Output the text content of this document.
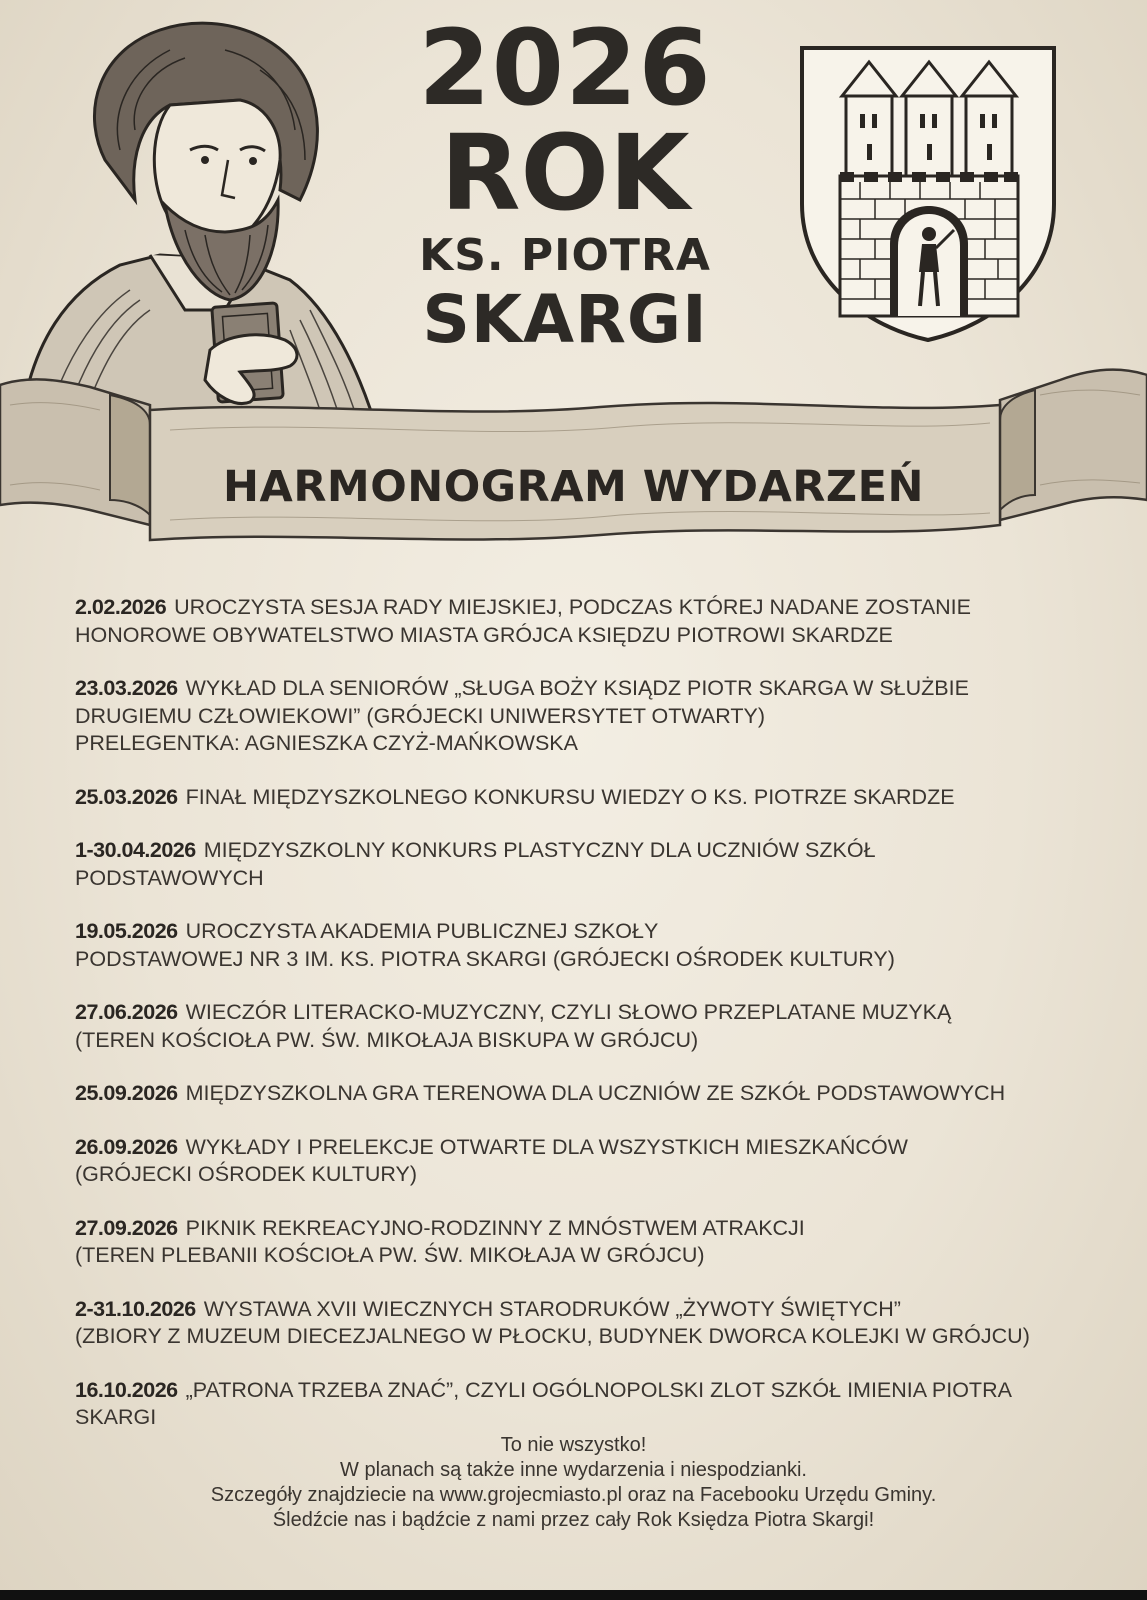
2026
ROK
KS. PIOTRA
SKARGI
HARMONOGRAM WYDARZEŃ
2.02.2026 UROCZYSTA SESJA RADY MIEJSKIEJ, PODCZAS KTÓREJ NADANE ZOSTANIE
HONOROWE OBYWATELSTWO MIASTA GRÓJCA KSIĘDZU PIOTROWI SKARDZE
23.03.2026 WYKŁAD DLA SENIORÓW „SŁUGA BOŻY KSIĄDZ PIOTR SKARGA W SŁUŻBIE
DRUGIEMU CZŁOWIEKOWI” (GRÓJECKI UNIWERSYTET OTWARTY)
PRELEGENTKA: AGNIESZKA CZYŻ-MAŃKOWSKA
25.03.2026 FINAŁ MIĘDZYSZKOLNEGO KONKURSU WIEDZY O KS. PIOTRZE SKARDZE
1-30.04.2026 MIĘDZYSZKOLNY KONKURS PLASTYCZNY DLA UCZNIÓW SZKÓŁ
PODSTAWOWYCH
19.05.2026 UROCZYSTA AKADEMIA PUBLICZNEJ SZKOŁY
PODSTAWOWEJ NR 3 IM. KS. PIOTRA SKARGI (GRÓJECKI OŚRODEK KULTURY)
27.06.2026 WIECZÓR LITERACKO-MUZYCZNY, CZYLI SŁOWO PRZEPLATANE MUZYKĄ
(TEREN KOŚCIOŁA PW. ŚW. MIKOŁAJA BISKUPA W GRÓJCU)
25.09.2026 MIĘDZYSZKOLNA GRA TERENOWA DLA UCZNIÓW ZE SZKÓŁ PODSTAWOWYCH
26.09.2026 WYKŁADY I PRELEKCJE OTWARTE DLA WSZYSTKICH MIESZKAŃCÓW
(GRÓJECKI OŚRODEK KULTURY)
27.09.2026 PIKNIK REKREACYJNO-RODZINNY Z MNÓSTWEM ATRAKCJI
(TEREN PLEBANII KOŚCIOŁA PW. ŚW. MIKOŁAJA W GRÓJCU)
2-31.10.2026 WYSTAWA XVII WIECZNYCH STARODRUKÓW „ŻYWOTY ŚWIĘTYCH”
(ZBIORY Z MUZEUM DIECEZJALNEGO W PŁOCKU, BUDYNEK DWORCA KOLEJKI W GRÓJCU)
16.10.2026 „PATRONA TRZEBA ZNAĆ”, CZYLI OGÓLNOPOLSKI ZLOT SZKÓŁ IMIENIA PIOTRA
SKARGI
To nie wszystko!
W planach są także inne wydarzenia i niespodzianki.
Szczegóły znajdziecie na www.grojecmiasto.pl oraz na Facebooku Urzędu Gminy.
Śledźcie nas i bądźcie z nami przez cały Rok Księdza Piotra Skargi!
